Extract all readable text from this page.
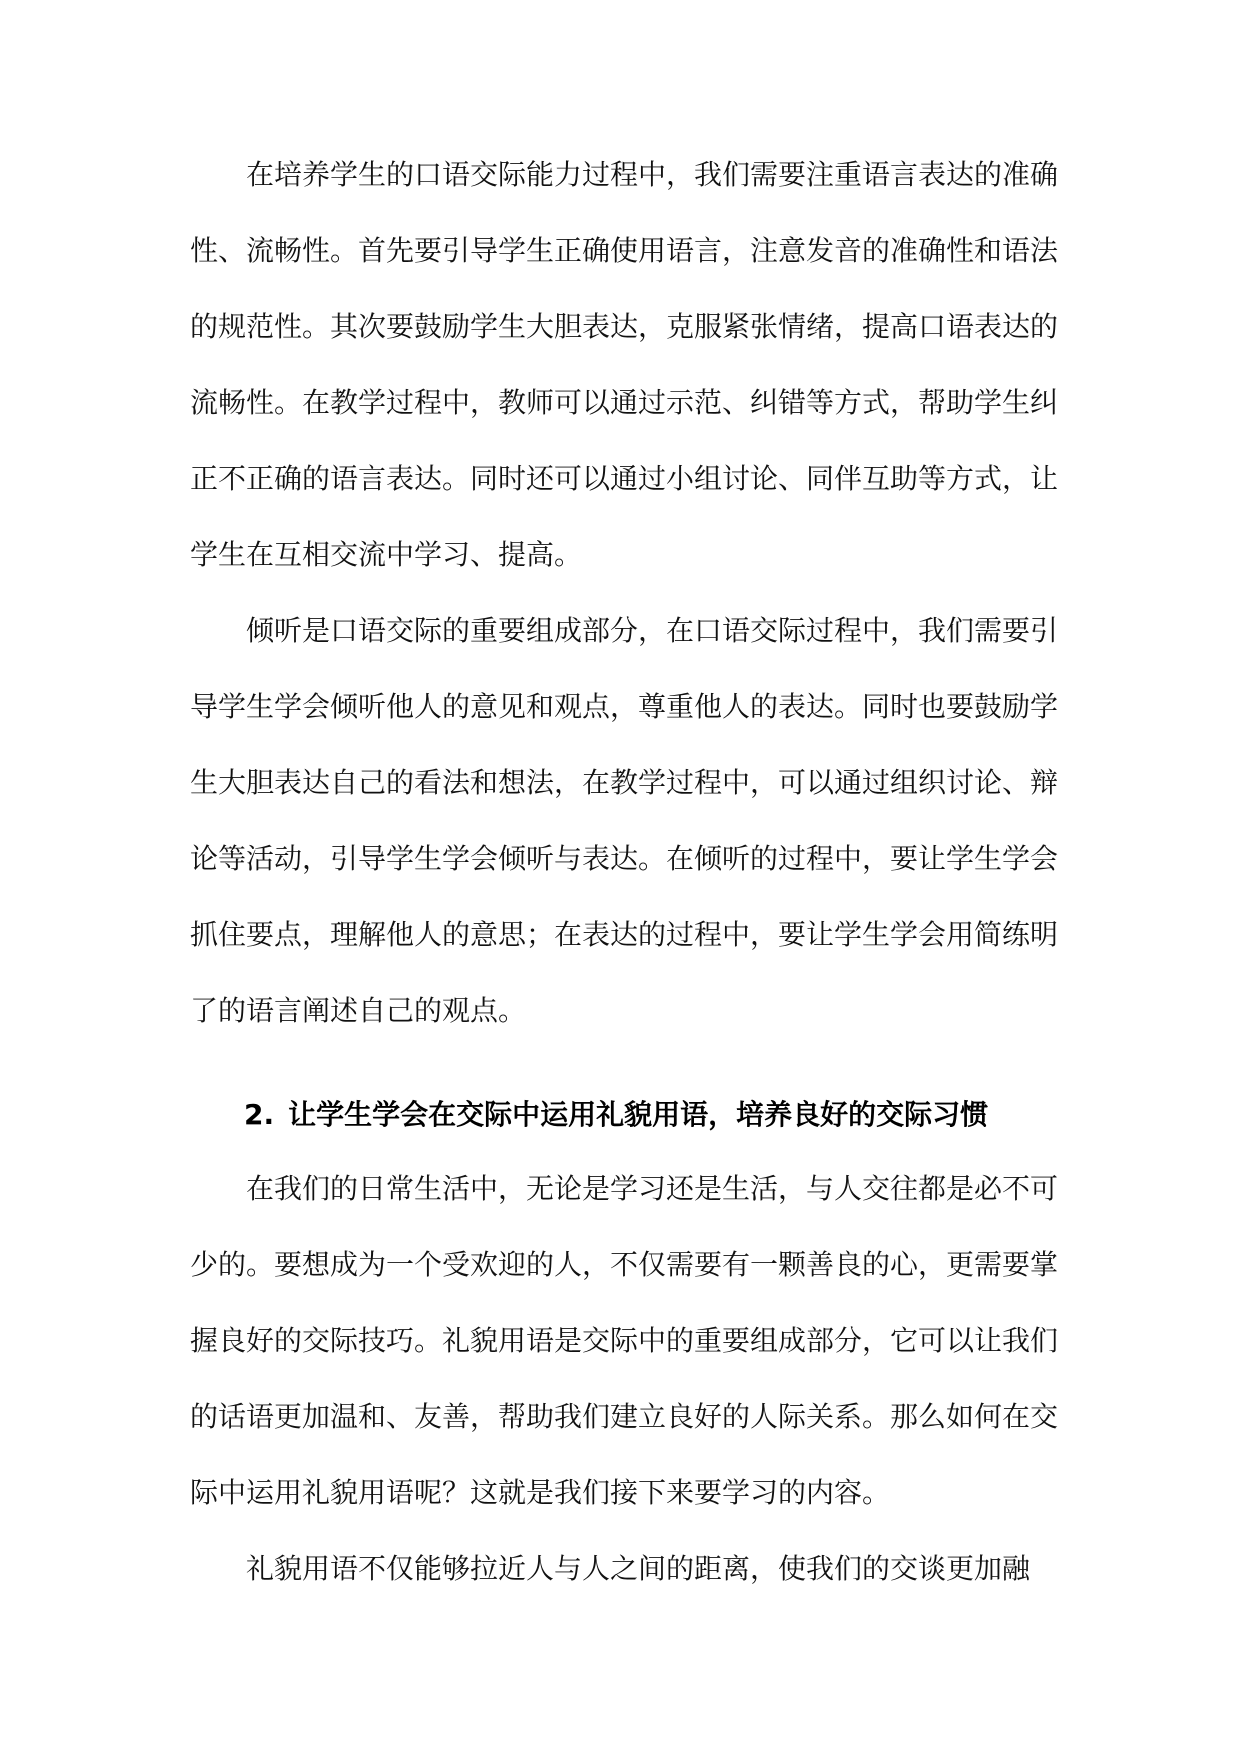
在培养学生的口语交际能力过程中，我们需要注重语言表达的准确性、流畅性。首先要引导学生正确使用语言，注意发音的准确性和语法的规范性。其次要鼓励学生大胆表达，克服紧张情绪，提高口语表达的流畅性。在教学过程中，教师可以通过示范、纠错等方式，帮助学生纠正不正确的语言表达。同时还可以通过小组讨论、同伴互助等方式，让学生在互相交流中学习、提高。

倾听是口语交际的重要组成部分，在口语交际过程中，我们需要引导学生学会倾听他人的意见和观点，尊重他人的表达。同时也要鼓励学生大胆表达自己的看法和想法，在教学过程中，可以通过组织讨论、辩论等活动，引导学生学会倾听与表达。在倾听的过程中，要让学生学会抓住要点，理解他人的意思；在表达的过程中，要让学生学会用简练明了的语言阐述自己的观点。

2. 让学生学会在交际中运用礼貌用语，培养良好的交际习惯

在我们的日常生活中，无论是学习还是生活，与人交往都是必不可少的。要想成为一个受欢迎的人，不仅需要有一颗善良的心，更需要掌握良好的交际技巧。礼貌用语是交际中的重要组成部分，它可以让我们的话语更加温和、友善，帮助我们建立良好的人际关系。那么如何在交际中运用礼貌用语呢？这就是我们接下来要学习的内容。

礼貌用语不仅能够拉近人与人之间的距离，使我们的交谈更加融
